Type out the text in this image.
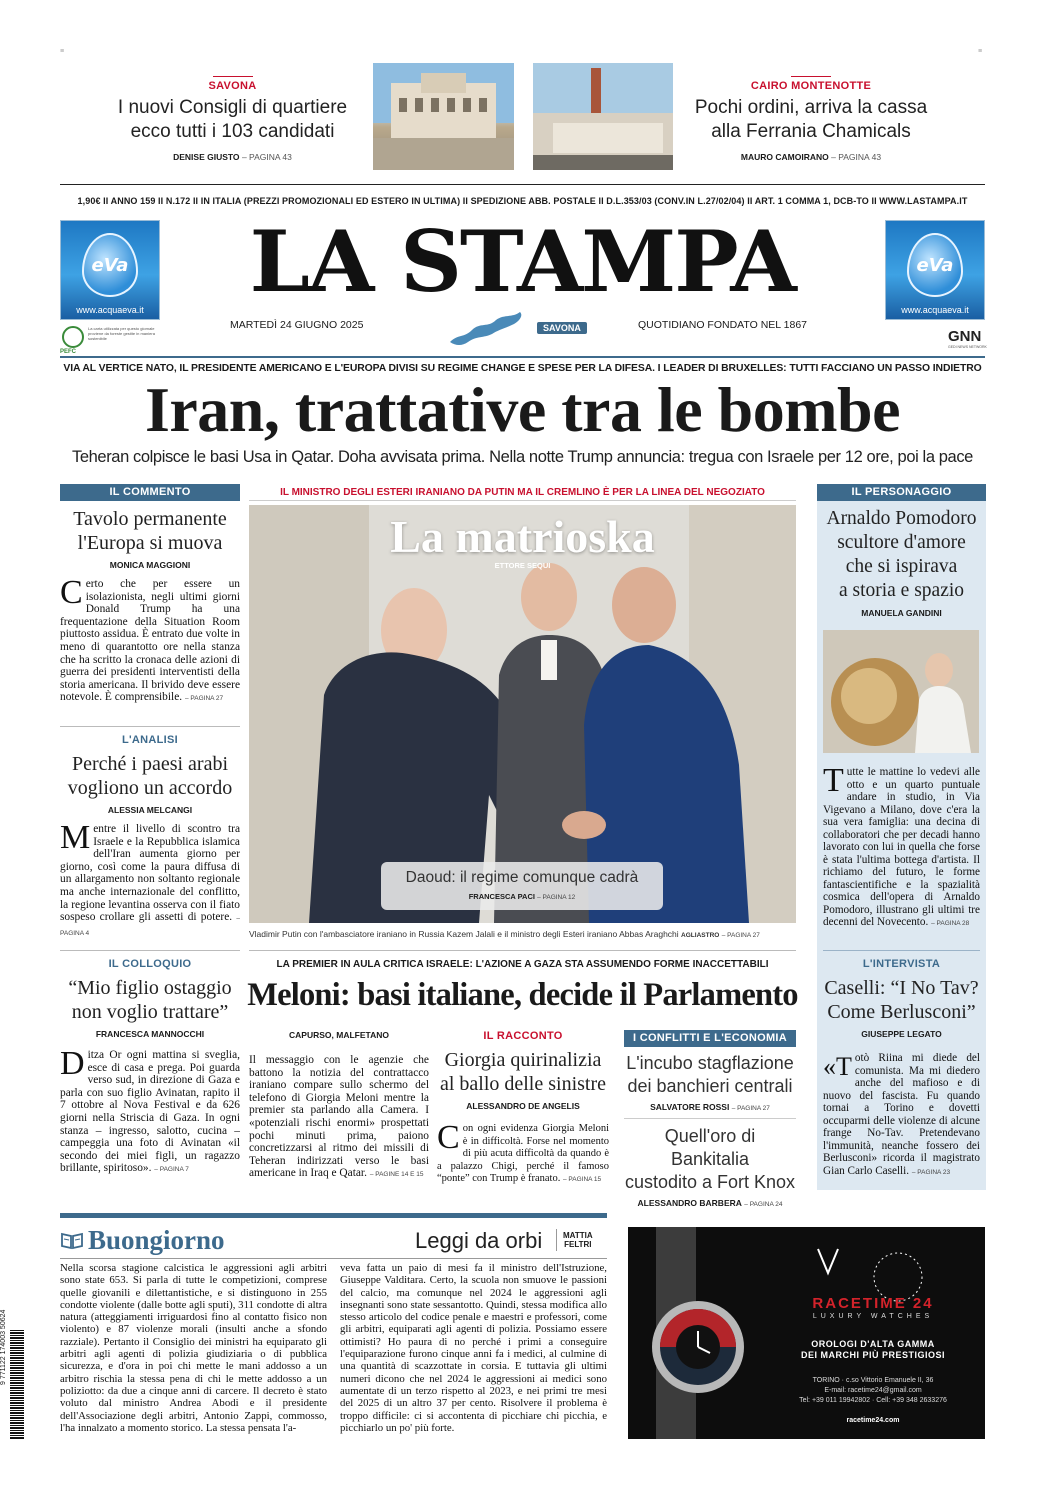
≡	≡
SAVONA
I nuovi Consigli di quartiere
ecco tutti i 103 candidati
DENISE GIUSTO – PAGINA 43
CAIRO MONTENOTTE
Pochi ordini, arriva la cassa
alla Ferrania Chamicals
MAURO CAMOIRANO – PAGINA 43
1,90€ II ANNO 159 II N.172 II IN ITALIA (PREZZI PROMOZIONALI ED ESTERO IN ULTIMA) II SPEDIZIONE ABB. POSTALE II D.L.353/03 (CONV.IN L.27/02/04) II ART. 1 COMMA 1, DCB-TO II WWW.LASTAMPA.IT
eVa
www.acquaeva.it
eVa
www.acquaeva.it
LA STAMPA
MARTEDÌ 24 GIUGNO 2025	SAVONA	QUOTIDIANO FONDATO NEL 1867
PEFC
La carta utilizzata per questo giornale proviene da foreste gestite in maniera sostenibile	GNN
GEDI NEWS NETWORK
VIA AL VERTICE NATO, IL PRESIDENTE AMERICANO E L'EUROPA DIVISI SU REGIME CHANGE E SPESE PER LA DIFESA. I LEADER DI BRUXELLES: TUTTI FACCIANO UN PASSO INDIETRO
Iran, trattative tra le bombe
Teheran colpisce le basi Usa in Qatar. Doha avvisata prima. Nella notte Trump annuncia: tregua con Israele per 12 ore, poi la pace
IL COMMENTO
Tavolo permanente
l'Europa si muova
MONICA MAGGIONI
Certo che per essere un isolazionista, negli ultimi giorni Donald Trump ha una frequentazione della Situation Room piuttosto assidua. È entrato due volte in meno di quarantotto ore nella stanza che ha scritto la cronaca delle azioni di guerra dei presidenti interventisti della storia americana. Il brivido deve essere notevole. È comprensibile. – PAGINA 27
L'ANALISI
Perché i paesi arabi
vogliono un accordo
ALESSIA MELCANGI
Mentre il livello di scontro tra Israele e la Repubblica islamica dell'Iran aumenta giorno per giorno, così come la paura diffusa di un allargamento non soltanto regionale ma anche internazionale del conflitto, la regione levantina osserva con il fiato sospeso crollare gli assetti di potere. – PAGINA 4
IL COLLOQUIO
“Mio figlio ostaggio
non voglio trattare”
FRANCESCA MANNOCCHI
Ditza Or ogni mattina si sveglia, esce di casa e prega. Poi guarda verso sud, in direzione di Gaza e parla con suo figlio Avinatan, rapito il 7 ottobre al Nova Festival e da 626 giorni nella Striscia di Gaza. In ogni stanza – ingresso, salotto, cucina – campeggia una foto di Avinatan «il secondo dei miei figli, un ragazzo brillante, spiritoso». – PAGINA 7
IL MINISTRO DEGLI ESTERI IRANIANO DA PUTIN MA IL CREMLINO È PER LA LINEA DEL NEGOZIATO
La matrioska
ETTORE SEQUI
Daoud: il regime comunque cadrà
FRANCESCA PACI – PAGINA 12
Vladimir Putin con l'ambasciatore iraniano in Russia Kazem Jalali e il ministro degli Esteri iraniano Abbas Araghchi AGLIASTRO – PAGINA 27
LA PREMIER IN AULA CRITICA ISRAELE: L'AZIONE A GAZA STA ASSUMENDO FORME INACCETTABILI
Meloni: basi italiane, decide il Parlamento
CAPURSO, MALFETANO
Il messaggio con le agenzie che battono la notizia del contrattacco iraniano compare sullo schermo del telefono di Giorgia Meloni mentre la premier sta parlando alla Camera. I «potenziali rischi enormi» prospettati pochi minuti prima, paiono concretizzarsi al ritmo dei missili di Teheran indirizzati verso le basi americane in Iraq e Qatar. – PAGINE 14 E 15
IL RACCONTO
Giorgia quirinalizia
al ballo delle sinistre
ALESSANDRO DE ANGELIS
Con ogni evidenza Giorgia Meloni è in difficoltà. Forse nel momento di più acuta difficoltà da quando è a palazzo Chigi, perché il famoso “ponte” con Trump è franato. – PAGINA 15
I CONFLITTI E L'ECONOMIA
L'incubo stagflazione
dei banchieri centrali
SALVATORE ROSSI – PAGINA 27
Quell'oro di Bankitalia
custodito a Fort Knox
ALESSANDRO BARBERA – PAGINA 24
IL PERSONAGGIO
Arnaldo Pomodoro
scultore d'amore
che si ispirava
a storia e spazio
MANUELA GANDINI
Tutte le mattine lo vedevi alle otto e un quarto puntuale andare in studio, in Via Vigevano a Milano, dove c'era la sua vera famiglia: una decina di collaboratori che per decadi hanno lavorato con lui in quella che forse è stata l'ultima bottega d'artista. Il richiamo del futuro, le forme fantascientifiche e la spazialità cosmica dell'opera di Arnaldo Pomodoro, illustrano gli ultimi tre decenni del Novecento. – PAGINA 28
L'INTERVISTA
Caselli: “I No Tav?
Come Berlusconi”
GIUSEPPE LEGATO
«Totò Riina mi diede del comunista. Ma mi diedero anche del mafioso e di nuovo del fascista. Fu quando tornai a Torino e dovetti occuparmi delle violenze di alcune frange No-Tav. Pretendevano l'immunità, neanche fossero dei Berlusconi» ricorda il magistrato Gian Carlo Caselli. – PAGINA 23
Buongiorno	Leggi da orbi	MATTIA
FELTRI
Nella scorsa stagione calcistica le aggressioni agli arbitri sono state 653. Si parla di tutte le competizioni, comprese quelle giovanili e dilettantistiche, e si distinguono in 255 condotte violente (dalle botte agli sputi), 311 condotte di altra natura (atteggiamenti irriguardosi fino al contatto fisico non violento) e 87 violenze morali (insulti anche a sfondo razziale). Pertanto il Consiglio dei ministri ha equiparato gli arbitri agli agenti di polizia giudiziaria o di pubblica sicurezza, e d'ora in poi chi mette le mani addosso a un arbitro rischia la stessa pena di chi le mette addosso a un poliziotto: da due a cinque anni di carcere. Il decreto è stato voluto dal ministro Andrea Abodi e il presidente dell'Associazione degli arbitri, Antonio Zappi, commosso, l'ha innalzato a momento storico. La stessa pensata l'a-
veva fatta un paio di mesi fa il ministro dell'Istruzione, Giuseppe Valditara. Certo, la scuola non smuove le passioni del calcio, ma comunque nel 2024 le aggressioni agli insegnanti sono state sessantotto. Quindi, stessa modifica allo stesso articolo del codice penale e maestri e professori, come gli arbitri, equiparati agli agenti di polizia. Possiamo essere ottimisti? Ho paura di no perché i primi a conseguire l'equiparazione furono cinque anni fa i medici, al culmine di una quantità di scazzottate in corsia. E tuttavia gli ultimi numeri dicono che nel 2024 le aggressioni ai medici sono aumentate di un terzo rispetto al 2023, e nei primi tre mesi del 2025 di un altro 37 per cento. Risolvere il problema è troppo difficile: ci si accontenta di picchiare chi picchia, e picchiarlo un po' più forte.
9 771122 174003 50624
RACETIME 24
LUXURY WATCHES
OROLOGI D'ALTA GAMMA
DEI MARCHI PIÙ PRESTIGIOSI
TORINO · c.so Vittorio Emanuele II, 36
E-mail: racetime24@gmail.com
Tel: +39 011 19942802 · Cell: +39 348 2633276
racetime24.com
